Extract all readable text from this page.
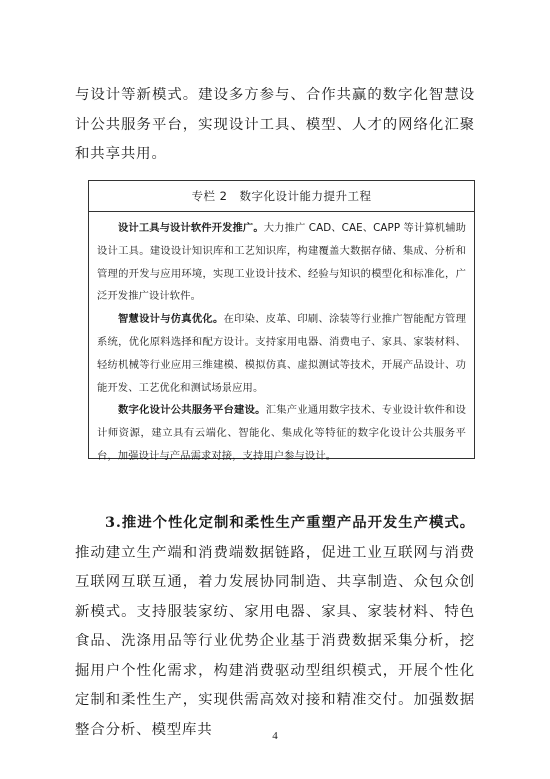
与设计等新模式。建设多方参与、合作共赢的数字化智慧设计公共服务平台，实现设计工具、模型、人才的网络化汇聚和共享共用。

专栏 2　数字化设计能力提升工程

设计工具与设计软件开发推广。大力推广 CAD、CAE、CAPP 等计算机辅助设计工具。建设设计知识库和工艺知识库，构建覆盖大数据存储、集成、分析和管理的开发与应用环境，实现工业设计技术、经验与知识的模型化和标准化，广泛开发推广设计软件。

智慧设计与仿真优化。在印染、皮革、印刷、涂装等行业推广智能配方管理系统，优化原料选择和配方设计。支持家用电器、消费电子、家具、家装材料、轻纺机械等行业应用三维建模、模拟仿真、虚拟测试等技术，开展产品设计、功能开发、工艺优化和测试场景应用。

数字化设计公共服务平台建设。汇集产业通用数字技术、专业设计软件和设计师资源，建立具有云端化、智能化、集成化等特征的数字化设计公共服务平台，加强设计与产品需求对接，支持用户参与设计。

3.推进个性化定制和柔性生产重塑产品开发生产模式。推动建立生产端和消费端数据链路，促进工业互联网与消费互联网互联互通，着力发展协同制造、共享制造、众包众创新模式。支持服装家纺、家用电器、家具、家装材料、特色食品、洗涤用品等行业优势企业基于消费数据采集分析，挖掘用户个性化需求，构建消费驱动型组织模式，开展个性化定制和柔性生产，实现供需高效对接和精准交付。加强数据整合分析、模型库共	4
